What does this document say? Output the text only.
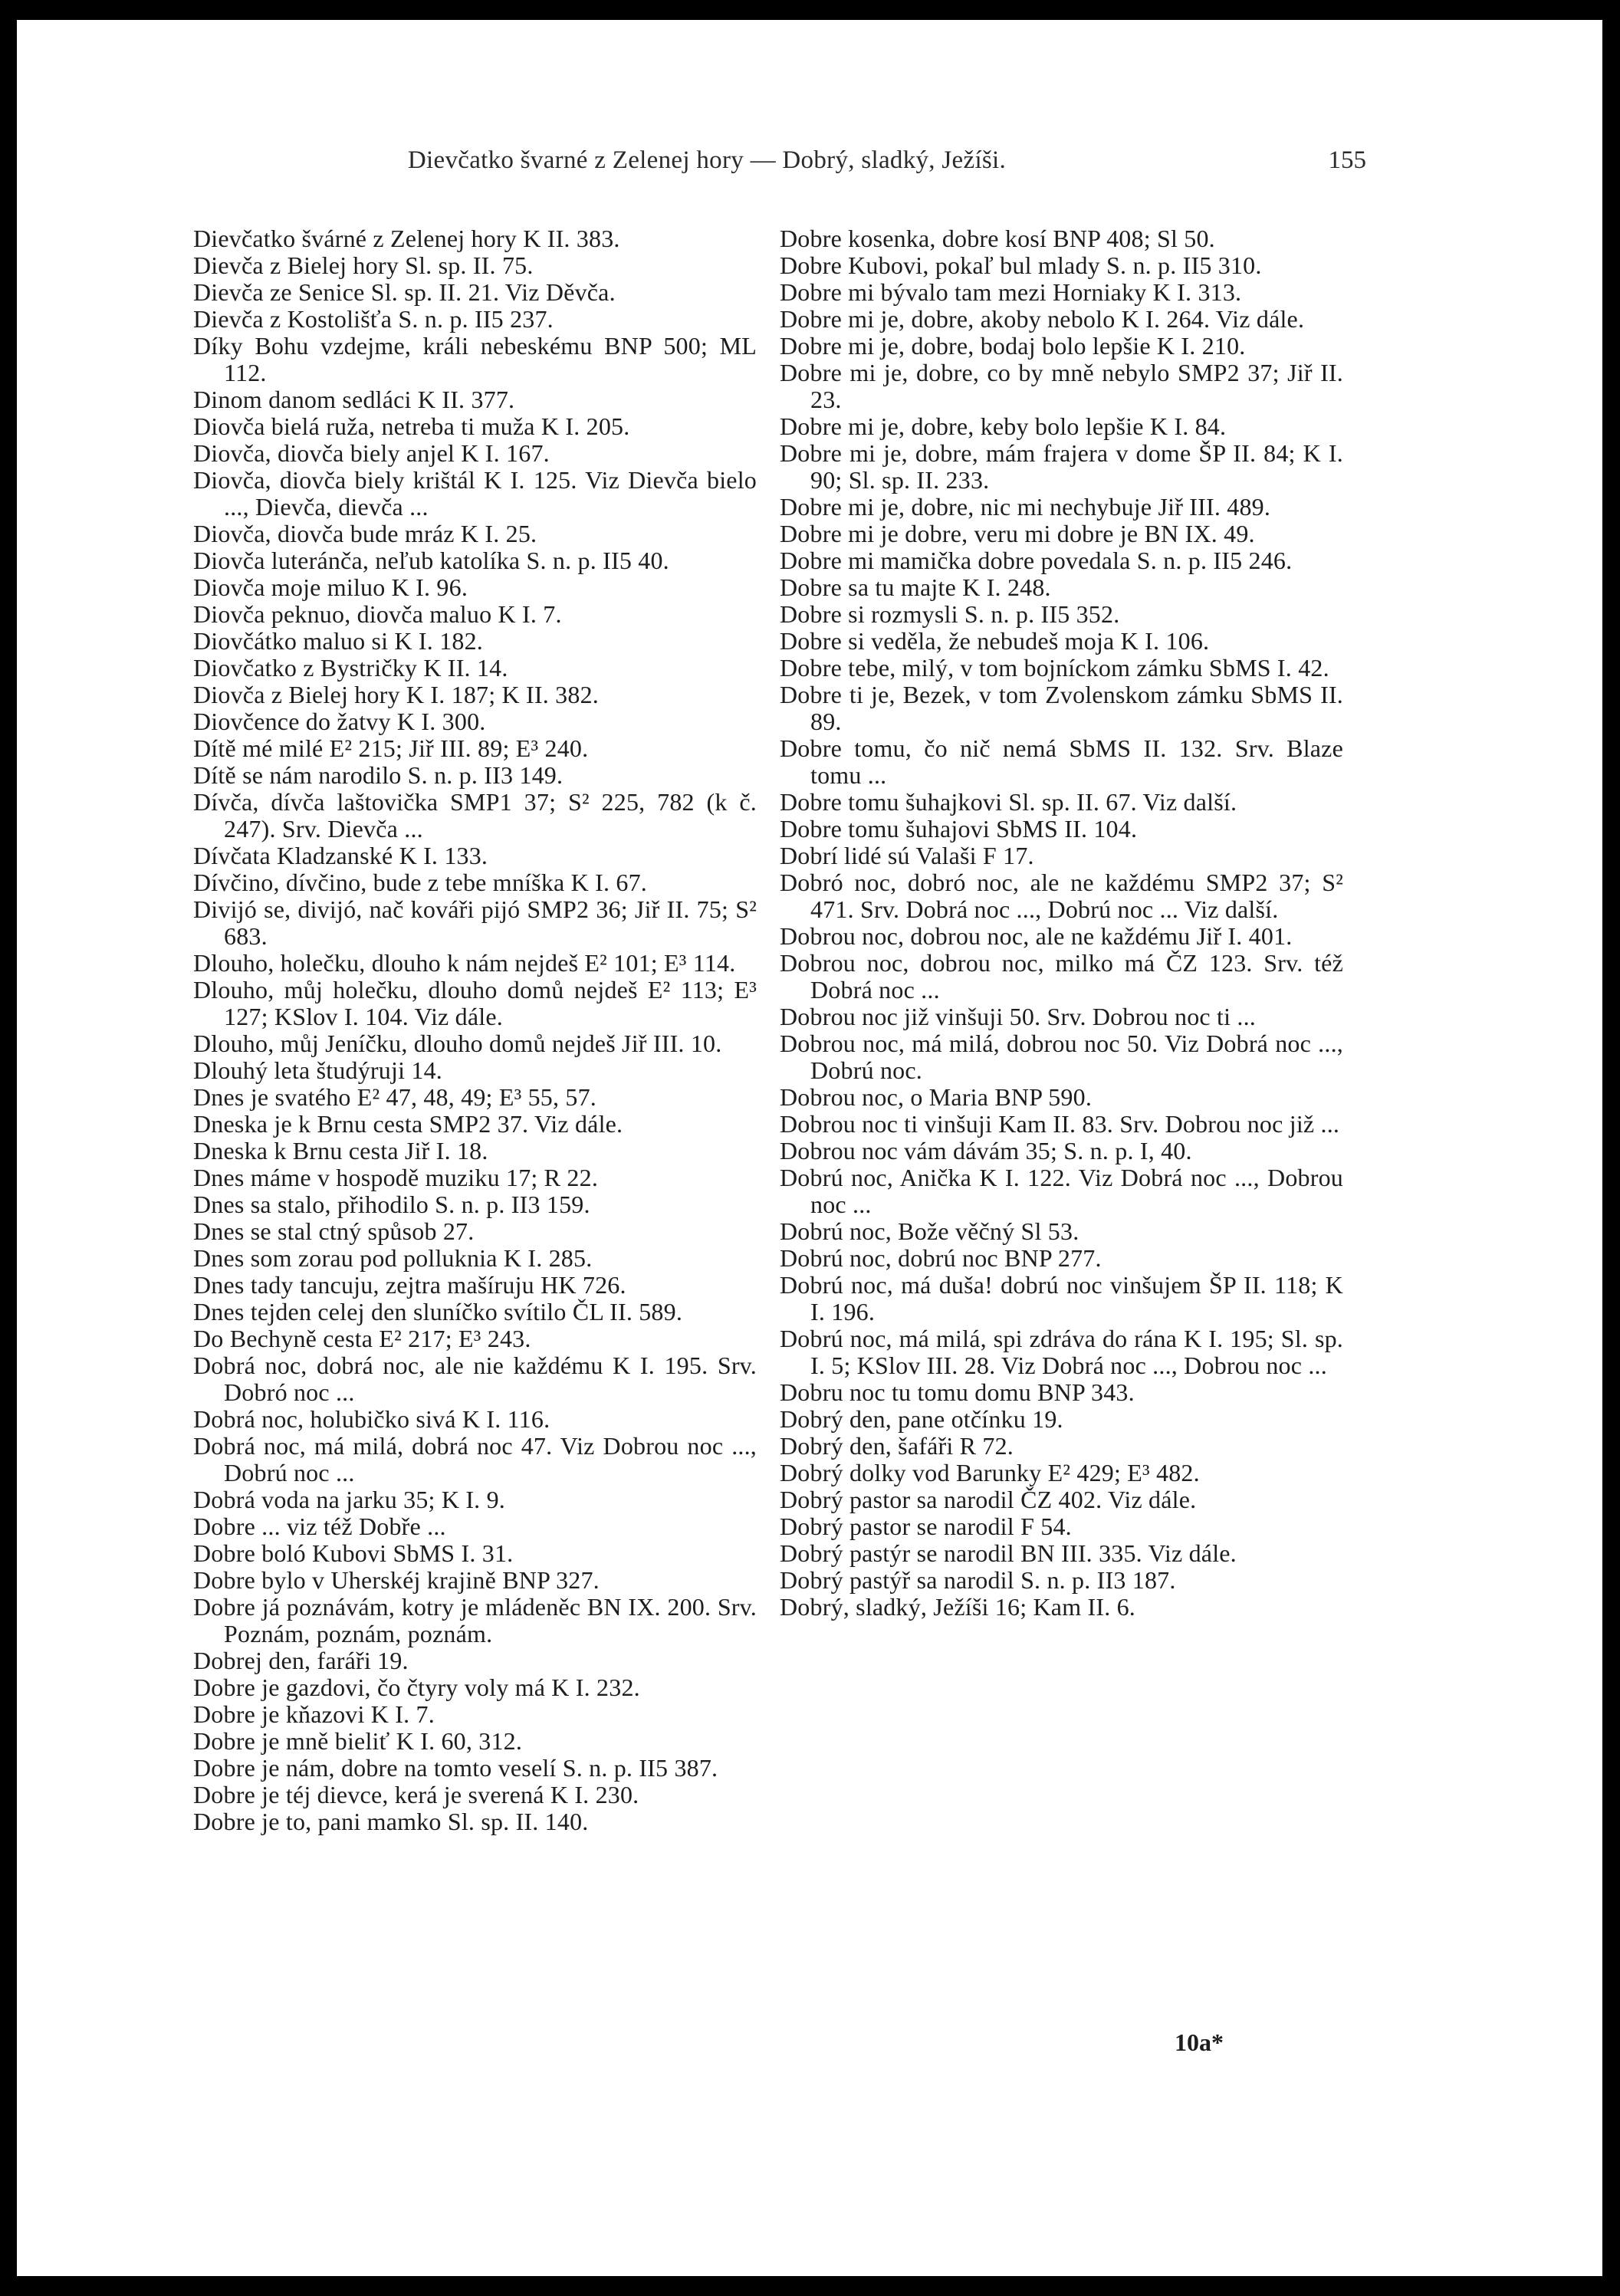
Dievčatko švarné z Zelenej hory — Dobrý, sladký, Ježíši.	155

Dievčatko švárné z Zelenej hory K II. 383.

Dievča z Bielej hory Sl. sp. II. 75.

Dievča ze Senice Sl. sp. II. 21. Viz Děvča.

Dievča z Kostolišťa S. n. p. II5 237.

Díky Bohu vzdejme, králi nebeskému BNP 500; ML 112.

Dinom danom sedláci K II. 377.

Diovča bielá ruža, netreba ti muža K I. 205.

Diovča, diovča biely anjel K I. 167.

Diovča, diovča biely krištál K I. 125. Viz Dievča bielo ..., Dievča, dievča ...

Diovča, diovča bude mráz K I. 25.

Diovča luteránča, neľub katolíka S. n. p. II5 40.

Diovča moje miluo K I. 96.

Diovča peknuo, diovča maluo K I. 7.

Diovčátko maluo si K I. 182.

Diovčatko z Bystričky K II. 14.

Diovča z Bielej hory K I. 187; K II. 382.

Diovčence do žatvy K I. 300.

Dítě mé milé E² 215; Jiř III. 89; E³ 240.

Dítě se nám narodilo S. n. p. II3 149.

Dívča, dívča laštovička SMP1 37; S² 225, 782 (k č. 247). Srv. Dievča ...

Dívčata Kladzanské K I. 133.

Dívčino, dívčino, bude z tebe mníška K I. 67.

Divijó se, divijó, nač kováři pijó SMP2 36; Jiř II. 75; S² 683.

Dlouho, holečku, dlouho k nám nejdeš E² 101; E³ 114.

Dlouho, můj holečku, dlouho domů nejdeš E² 113; E³ 127; KSlov I. 104. Viz dále.

Dlouho, můj Jeníčku, dlouho domů nejdeš Jiř III. 10.

Dlouhý leta študýruji 14.

Dnes je svatého E² 47, 48, 49; E³ 55, 57.

Dneska je k Brnu cesta SMP2 37. Viz dále.

Dneska k Brnu cesta Jiř I. 18.

Dnes máme v hospodě muziku 17; R 22.

Dnes sa stalo, přihodilo S. n. p. II3 159.

Dnes se stal ctný spůsob 27.

Dnes som zorau pod polluknia K I. 285.

Dnes tady tancuju, zejtra mašíruju HK 726.

Dnes tejden celej den sluníčko svítilo ČL II. 589.

Do Bechyně cesta E² 217; E³ 243.

Dobrá noc, dobrá noc, ale nie každému K I. 195. Srv. Dobró noc ...

Dobrá noc, holubičko sivá K I. 116.

Dobrá noc, má milá, dobrá noc 47. Viz Dobrou noc ..., Dobrú noc ...

Dobrá voda na jarku 35; K I. 9.

Dobre ... viz též Dobře ...

Dobre boló Kubovi SbMS I. 31.

Dobre bylo v Uherskéj krajině BNP 327.

Dobre já poznávám, kotry je mládeněc BN IX. 200. Srv. Poznám, poznám, poznám.

Dobrej den, faráři 19.

Dobre je gazdovi, čo čtyry voly má K I. 232.

Dobre je kňazovi K I. 7.

Dobre je mně bieliť K I. 60, 312.

Dobre je nám, dobre na tomto veselí S. n. p. II5 387.

Dobre je téj dievce, kerá je sverená K I. 230.

Dobre je to, pani mamko Sl. sp. II. 140.

Dobre kosenka, dobre kosí BNP 408; Sl 50.

Dobre Kubovi, pokaľ bul mlady S. n. p. II5 310.

Dobre mi bývalo tam mezi Horniaky K I. 313.

Dobre mi je, dobre, akoby nebolo K I. 264. Viz dále.

Dobre mi je, dobre, bodaj bolo lepšie K I. 210.

Dobre mi je, dobre, co by mně nebylo SMP2 37; Jiř II. 23.

Dobre mi je, dobre, keby bolo lepšie K I. 84.

Dobre mi je, dobre, mám frajera v dome ŠP II. 84; K I. 90; Sl. sp. II. 233.

Dobre mi je, dobre, nic mi nechybuje Jiř III. 489.

Dobre mi je dobre, veru mi dobre je BN IX. 49.

Dobre mi mamička dobre povedala S. n. p. II5 246.

Dobre sa tu majte K I. 248.

Dobre si rozmysli S. n. p. II5 352.

Dobre si veděla, že nebudeš moja K I. 106.

Dobre tebe, milý, v tom bojníckom zámku SbMS I. 42.

Dobre ti je, Bezek, v tom Zvolenskom zámku SbMS II. 89.

Dobre tomu, čo nič nemá SbMS II. 132. Srv. Blaze tomu ...

Dobre tomu šuhajkovi Sl. sp. II. 67. Viz další.

Dobre tomu šuhajovi SbMS II. 104.

Dobrí lidé sú Valaši F 17.

Dobró noc, dobró noc, ale ne každému SMP2 37; S² 471. Srv. Dobrá noc ..., Dobrú noc ... Viz další.

Dobrou noc, dobrou noc, ale ne každému Jiř I. 401.

Dobrou noc, dobrou noc, milko má ČZ 123. Srv. též Dobrá noc ...

Dobrou noc již vinšuji 50. Srv. Dobrou noc ti ...

Dobrou noc, má milá, dobrou noc 50. Viz Dobrá noc ..., Dobrú noc.

Dobrou noc, o Maria BNP 590.

Dobrou noc ti vinšuji Kam II. 83. Srv. Dobrou noc již ...

Dobrou noc vám dávám 35; S. n. p. I, 40.

Dobrú noc, Anička K I. 122. Viz Dobrá noc ..., Dobrou noc ...

Dobrú noc, Bože věčný Sl 53.

Dobrú noc, dobrú noc BNP 277.

Dobrú noc, má duša! dobrú noc vinšujem ŠP II. 118; K I. 196.

Dobrú noc, má milá, spi zdráva do rána K I. 195; Sl. sp. I. 5; KSlov III. 28. Viz Dobrá noc ..., Dobrou noc ...

Dobru noc tu tomu domu BNP 343.

Dobrý den, pane otčínku 19.

Dobrý den, šafáři R 72.

Dobrý dolky vod Barunky E² 429; E³ 482.

Dobrý pastor sa narodil ČZ 402. Viz dále.

Dobrý pastor se narodil F 54.

Dobrý pastýr se narodil BN III. 335. Viz dále.

Dobrý pastýř sa narodil S. n. p. II3 187.

Dobrý, sladký, Ježíši 16; Kam II. 6.

10a*
